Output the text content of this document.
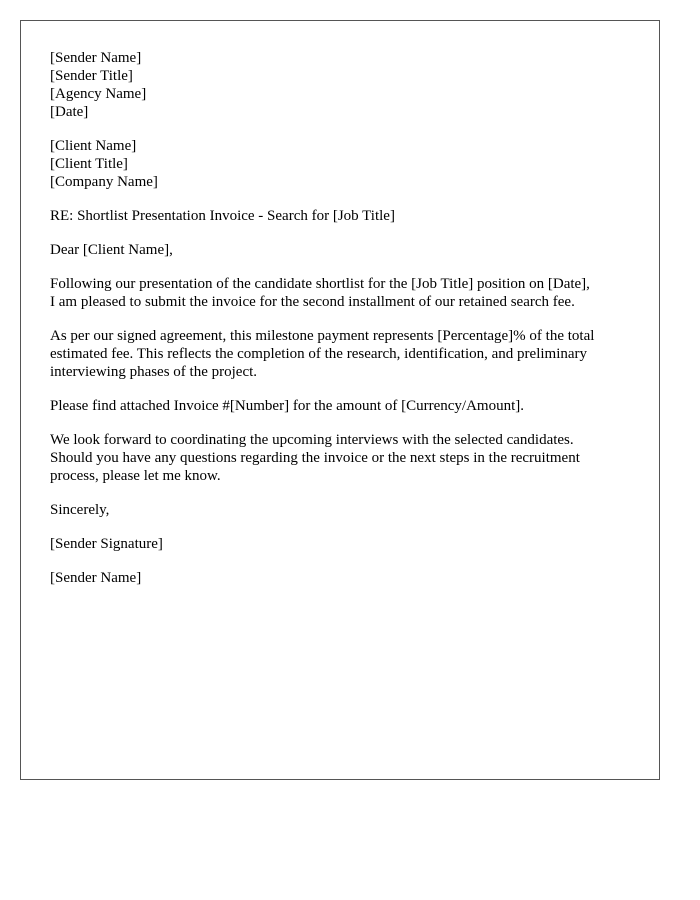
[Sender Name]
[Sender Title]
[Agency Name]
[Date]
[Client Name]
[Client Title]
[Company Name]

RE: Shortlist Presentation Invoice - Search for [Job Title]

Dear [Client Name],

Following our presentation of the candidate shortlist for the [Job Title] position on [Date],
I am pleased to submit the invoice for the second installment of our retained search fee.

As per our signed agreement, this milestone payment represents [Percentage]% of the total
estimated fee. This reflects the completion of the research, identification, and preliminary
interviewing phases of the project.

Please find attached Invoice #[Number] for the amount of [Currency/Amount].

We look forward to coordinating the upcoming interviews with the selected candidates.
Should you have any questions regarding the invoice or the next steps in the recruitment
process, please let me know.

Sincerely,

[Sender Signature]

[Sender Name]
